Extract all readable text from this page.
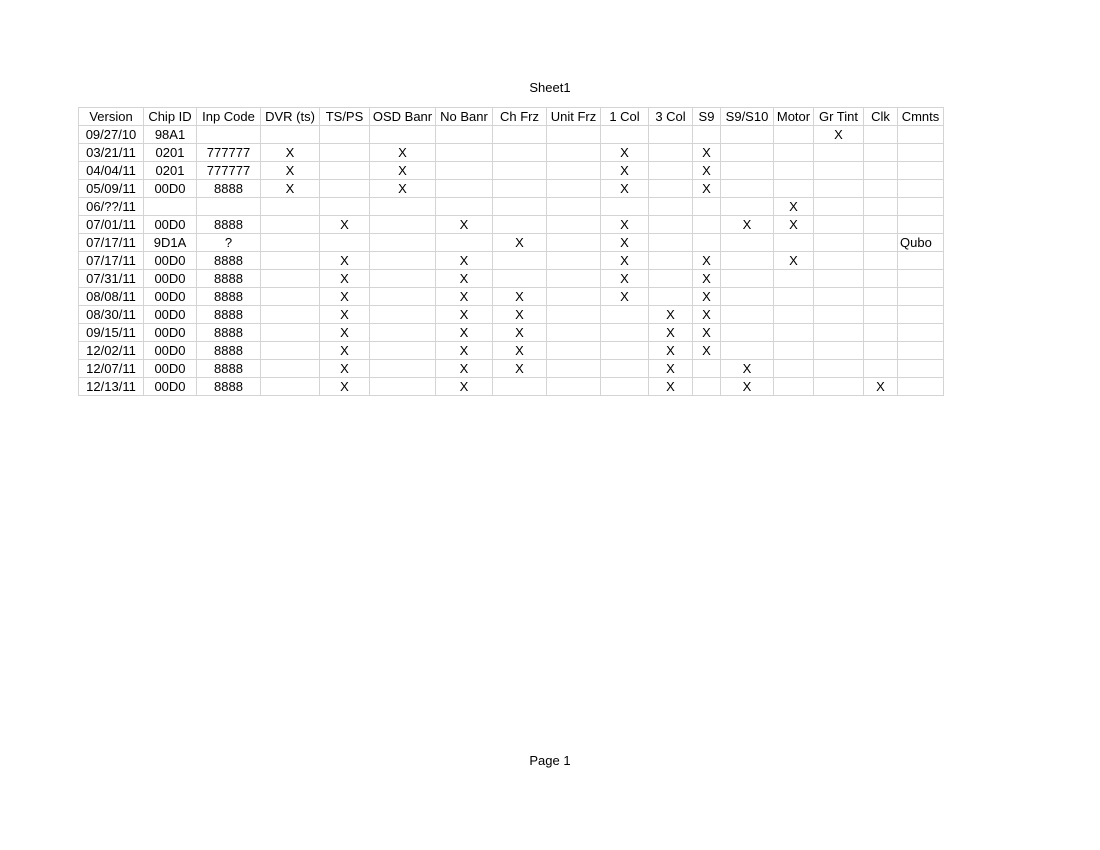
Sheet1
Version	Chip ID	Inp Code	DVR (ts)	TS/PS	OSD Banr	No Banr	Ch Frz	Unit Frz	1 Col	3 Col	S9	S9/S10	Motor	Gr Tint	Clk	Cmnts
09/27/10	98A1													X		
03/21/11	0201	777777	X		X				X		X					
04/04/11	0201	777777	X		X				X		X					
05/09/11	00D0	8888	X		X				X		X					
06/??/11													X			
07/01/11	00D0	8888		X		X			X			X	X			
07/17/11	9D1A	?					X		X							Qubo
07/17/11	00D0	8888		X		X			X		X		X			
07/31/11	00D0	8888		X		X			X		X					
08/08/11	00D0	8888		X		X	X		X		X					
08/30/11	00D0	8888		X		X	X			X	X					
09/15/11	00D0	8888		X		X	X			X	X					
12/02/11	00D0	8888		X		X	X			X	X					
12/07/11	00D0	8888		X		X	X			X		X				
12/13/11	00D0	8888		X		X				X		X			X	
Page 1
